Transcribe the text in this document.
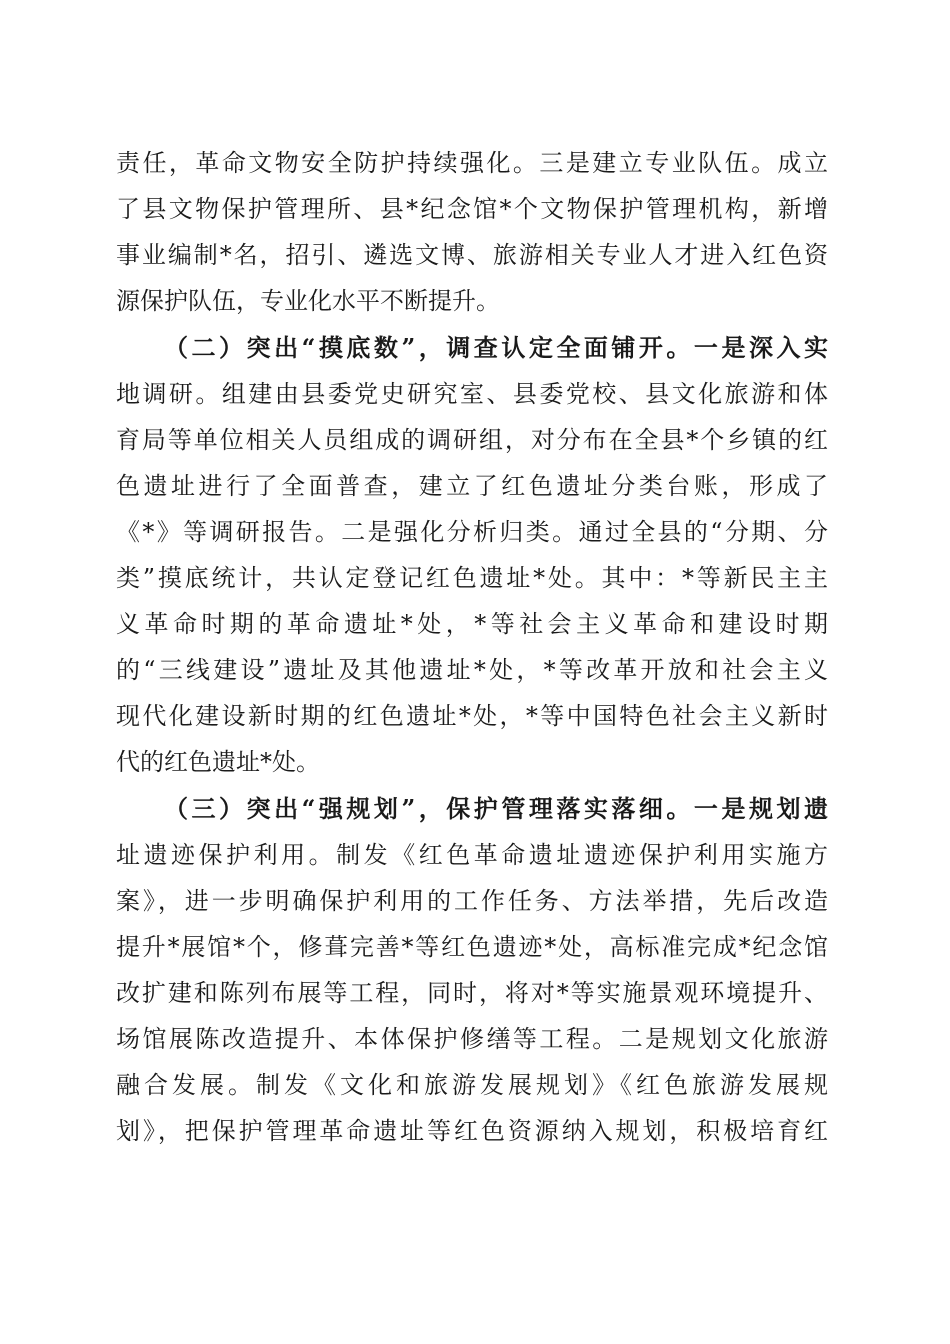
责任，革命文物安全防护持续强化。三是建立专业队伍。成立
了县文物保护管理所、县*纪念馆*个文物保护管理机构，新增
事业编制*名，招引、遴选文博、旅游相关专业人才进入红色资
源保护队伍，专业化水平不断提升。
（二）突出“摸底数”，调查认定全面铺开。一是深入实
地调研。组建由县委党史研究室、县委党校、县文化旅游和体
育局等单位相关人员组成的调研组，对分布在全县*个乡镇的红
色遗址进行了全面普查，建立了红色遗址分类台账，形成了
《*》等调研报告。二是强化分析归类。通过全县的“分期、分
类”摸底统计，共认定登记红色遗址*处。其中：*等新民主主
义革命时期的革命遗址*处，*等社会主义革命和建设时期
的“三线建设”遗址及其他遗址*处，*等改革开放和社会主义
现代化建设新时期的红色遗址*处，*等中国特色社会主义新时
代的红色遗址*处。
（三）突出“强规划”，保护管理落实落细。一是规划遗
址遗迹保护利用。制发《红色革命遗址遗迹保护利用实施方
案》，进一步明确保护利用的工作任务、方法举措，先后改造
提升*展馆*个，修葺完善*等红色遗迹*处，高标准完成*纪念馆
改扩建和陈列布展等工程，同时，将对*等实施景观环境提升、
场馆展陈改造提升、本体保护修缮等工程。二是规划文化旅游
融合发展。制发《文化和旅游发展规划》《红色旅游发展规
划》，把保护管理革命遗址等红色资源纳入规划，积极培育红
